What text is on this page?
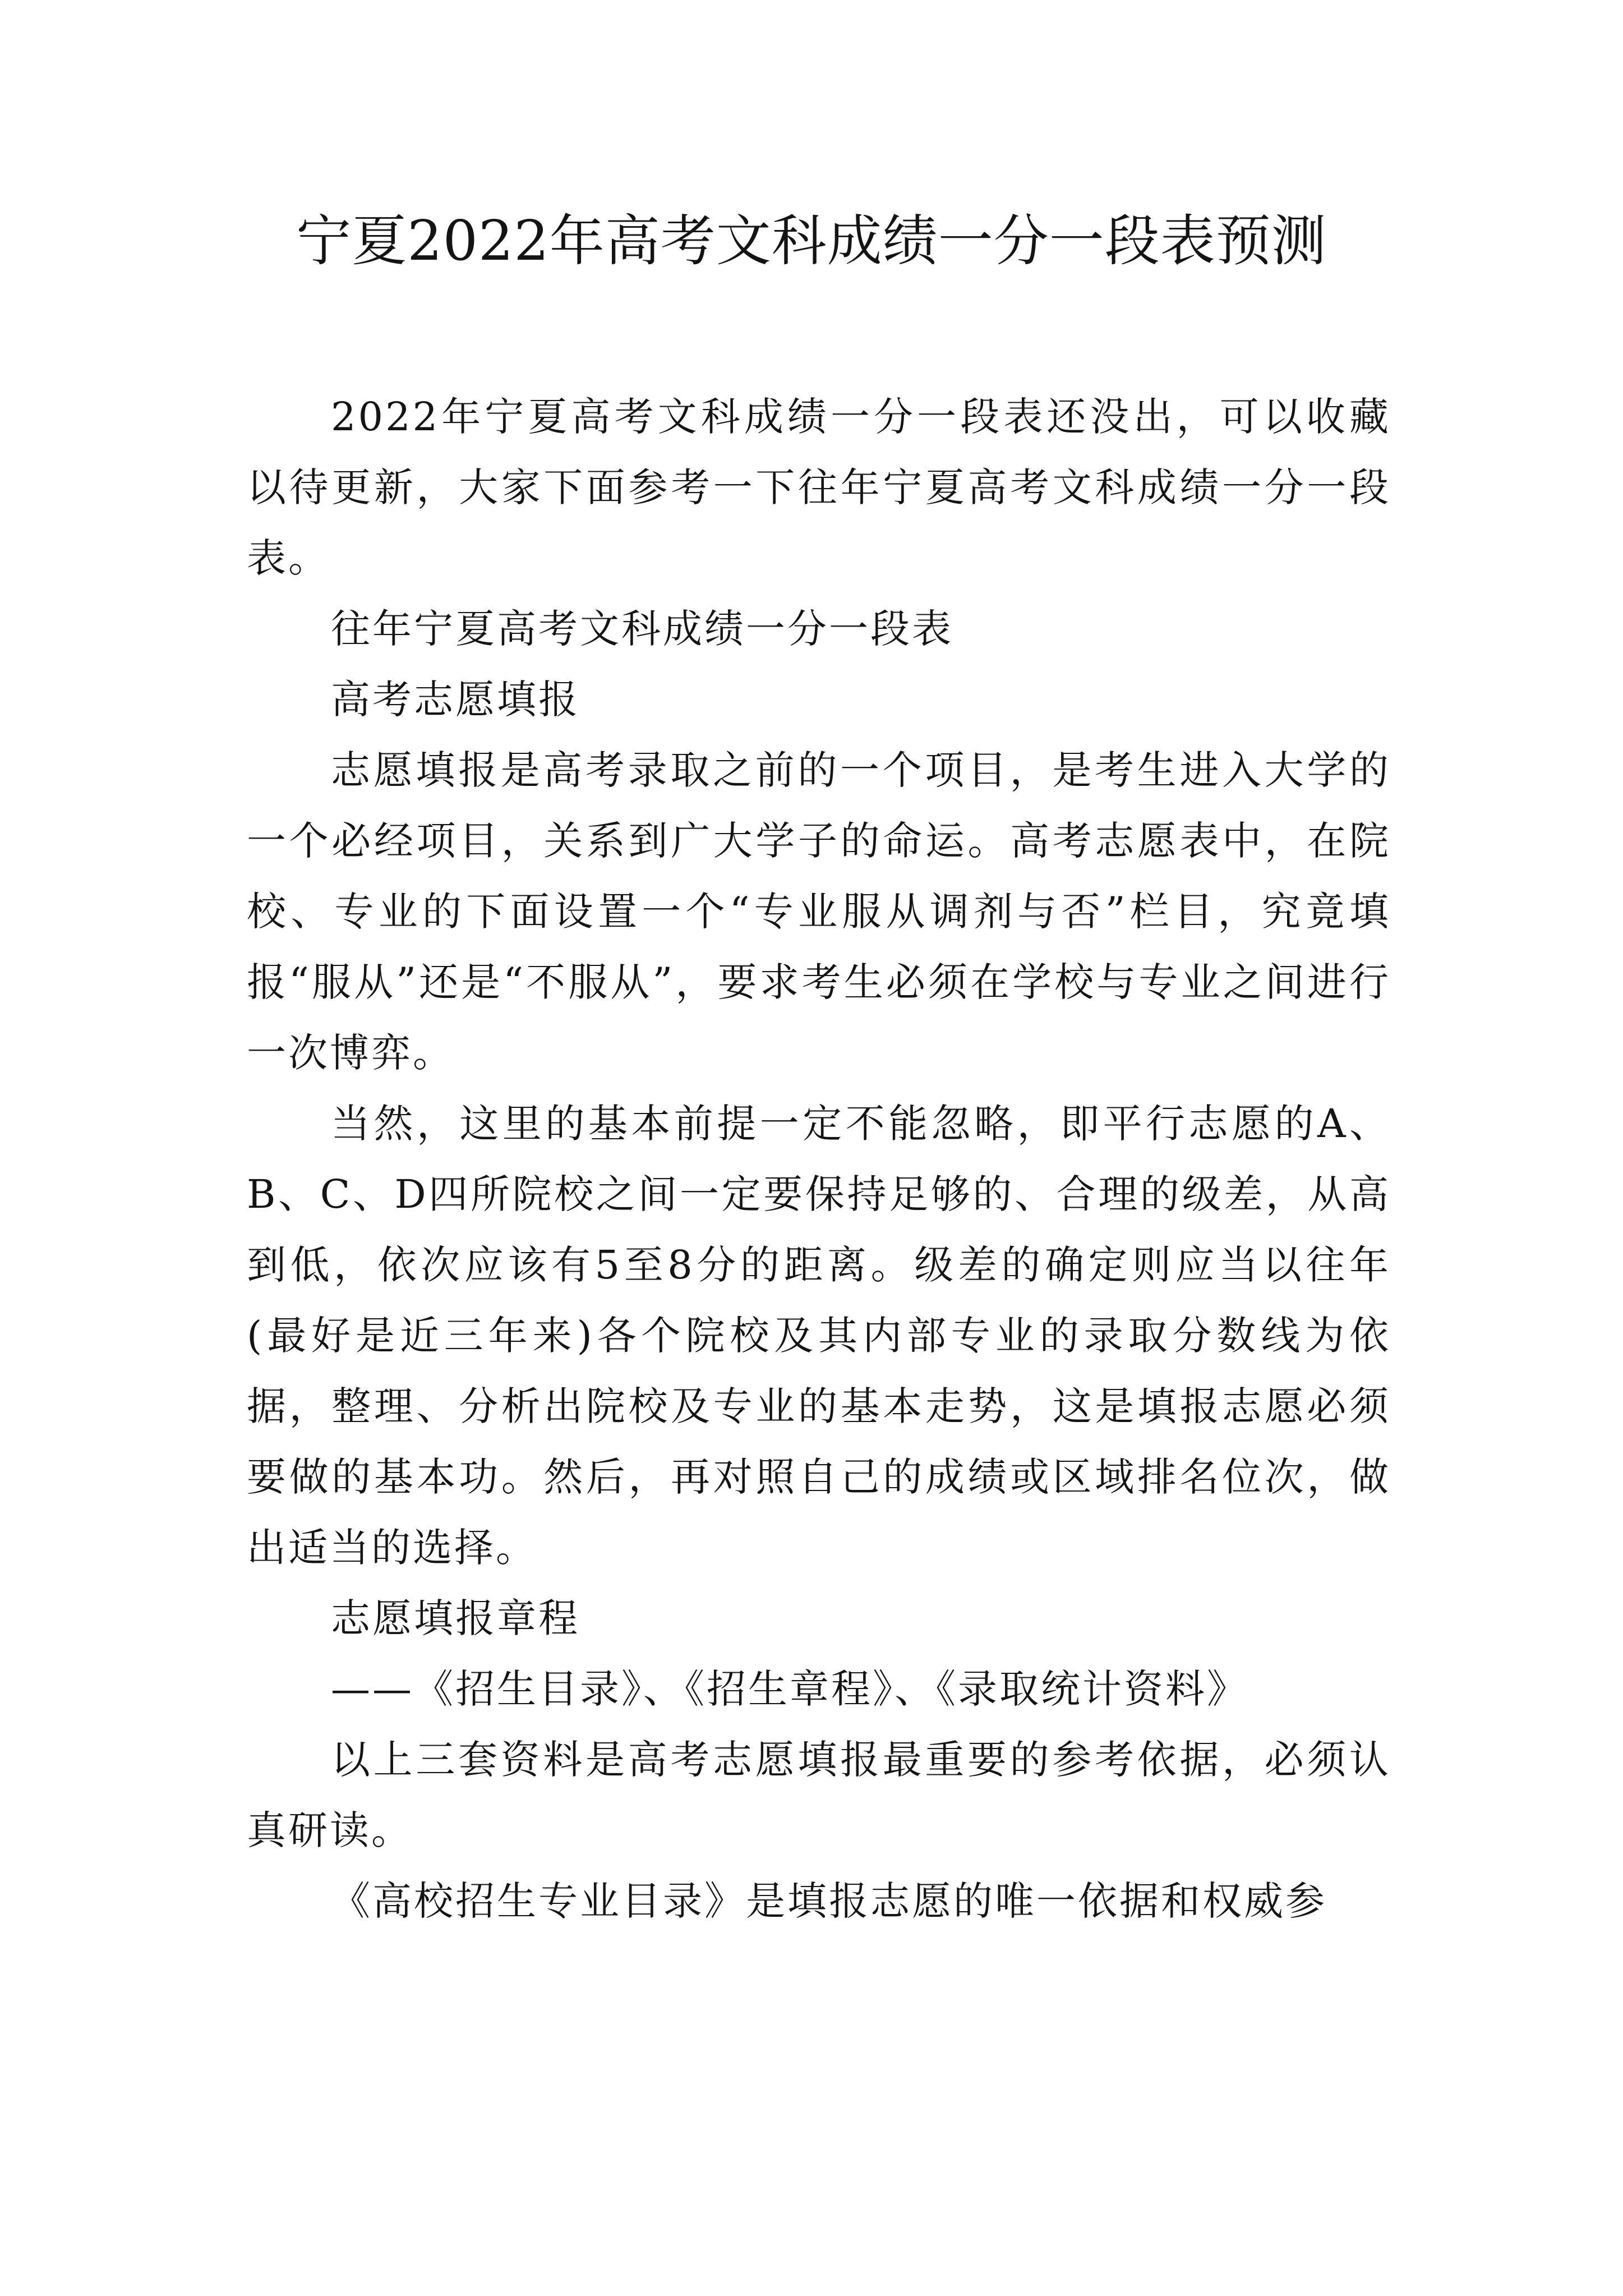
宁夏2022年高考文科成绩一分一段表预测

2022年宁夏高考文科成绩一分一段表还没出，可以收藏以待更新，大家下面参考一下往年宁夏高考文科成绩一分一段表。

往年宁夏高考文科成绩一分一段表

高考志愿填报

志愿填报是高考录取之前的一个项目，是考生进入大学的一个必经项目，关系到广大学子的命运。高考志愿表中，在院校、专业的下面设置一个“专业服从调剂与否”栏目，究竟填报“服从”还是“不服从”，要求考生必须在学校与专业之间进行一次博弈。

当然，这里的基本前提一定不能忽略，即平行志愿的A、B、C、D四所院校之间一定要保持足够的、合理的级差，从高到低，依次应该有5至8分的距离。级差的确定则应当以往年(最好是近三年来)各个院校及其内部专业的录取分数线为依据，整理、分析出院校及专业的基本走势，这是填报志愿必须要做的基本功。然后，再对照自己的成绩或区域排名位次，做出适当的选择。

志愿填报章程

——《招生目录》、《招生章程》、《录取统计资料》

以上三套资料是高考志愿填报最重要的参考依据，必须认真研读。

《高校招生专业目录》是填报志愿的唯一依据和权威参
